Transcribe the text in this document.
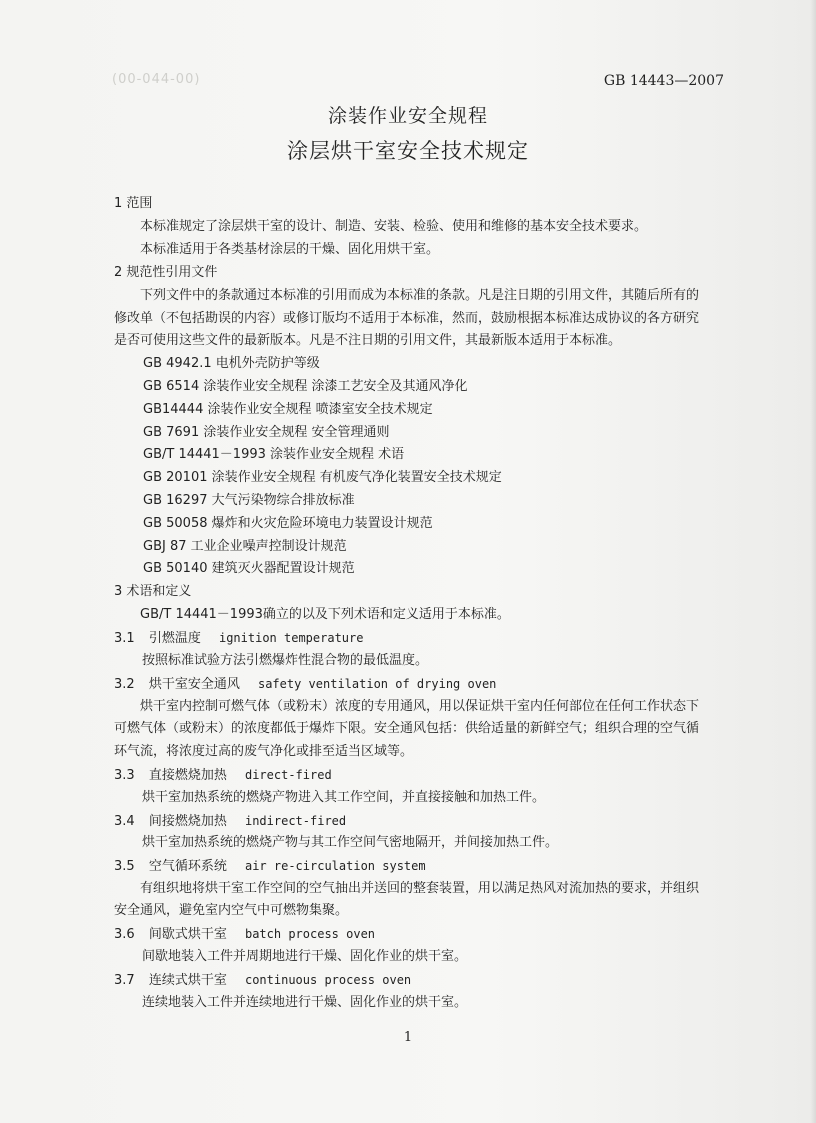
(00-044-00)	GB 14443—2007
涂装作业安全规程
涂层烘干室安全技术规定
1 范围
本标准规定了涂层烘干室的设计、制造、安装、检验、使用和维修的基本安全技术要求。
本标准适用于各类基材涂层的干燥、固化用烘干室。
2 规范性引用文件
下列文件中的条款通过本标准的引用而成为本标准的条款。凡是注日期的引用文件，其随后所有的
修改单（不包括勘误的内容）或修订版均不适用于本标准，然而，鼓励根据本标准达成协议的各方研究
是否可使用这些文件的最新版本。凡是不注日期的引用文件，其最新版本适用于本标准。
GB 4942.1 电机外壳防护等级
GB 6514 涂装作业安全规程 涂漆工艺安全及其通风净化
GB14444 涂装作业安全规程 喷漆室安全技术规定
GB 7691 涂装作业安全规程 安全管理通则
GB/T 14441－1993 涂装作业安全规程 术语
GB 20101 涂装作业安全规程 有机废气净化装置安全技术规定
GB 16297 大气污染物综合排放标准
GB 50058 爆炸和火灾危险环境电力装置设计规范
GBJ 87 工业企业噪声控制设计规范
GB 50140 建筑灭火器配置设计规范
3 术语和定义
GB/T 14441－1993确立的以及下列术语和定义适用于本标准。
3.1 引燃温度 ignition temperature
按照标准试验方法引燃爆炸性混合物的最低温度。
3.2 烘干室安全通风 safety ventilation of drying oven
烘干室内控制可燃气体（或粉末）浓度的专用通风，用以保证烘干室内任何部位在任何工作状态下
可燃气体（或粉末）的浓度都低于爆炸下限。安全通风包括：供给适量的新鲜空气；组织合理的空气循
环气流，将浓度过高的废气净化或排至适当区域等。
3.3 直接燃烧加热 direct-fired
烘干室加热系统的燃烧产物进入其工作空间，并直接接触和加热工件。
3.4 间接燃烧加热 indirect-fired
烘干室加热系统的燃烧产物与其工作空间气密地隔开，并间接加热工件。
3.5 空气循环系统 air re-circulation system
有组织地将烘干室工作空间的空气抽出并送回的整套装置，用以满足热风对流加热的要求，并组织
安全通风，避免室内空气中可燃物集聚。
3.6 间歇式烘干室 batch process oven
间歇地装入工件并周期地进行干燥、固化作业的烘干室。
3.7 连续式烘干室 continuous process oven
连续地装入工件并连续地进行干燥、固化作业的烘干室。
1
